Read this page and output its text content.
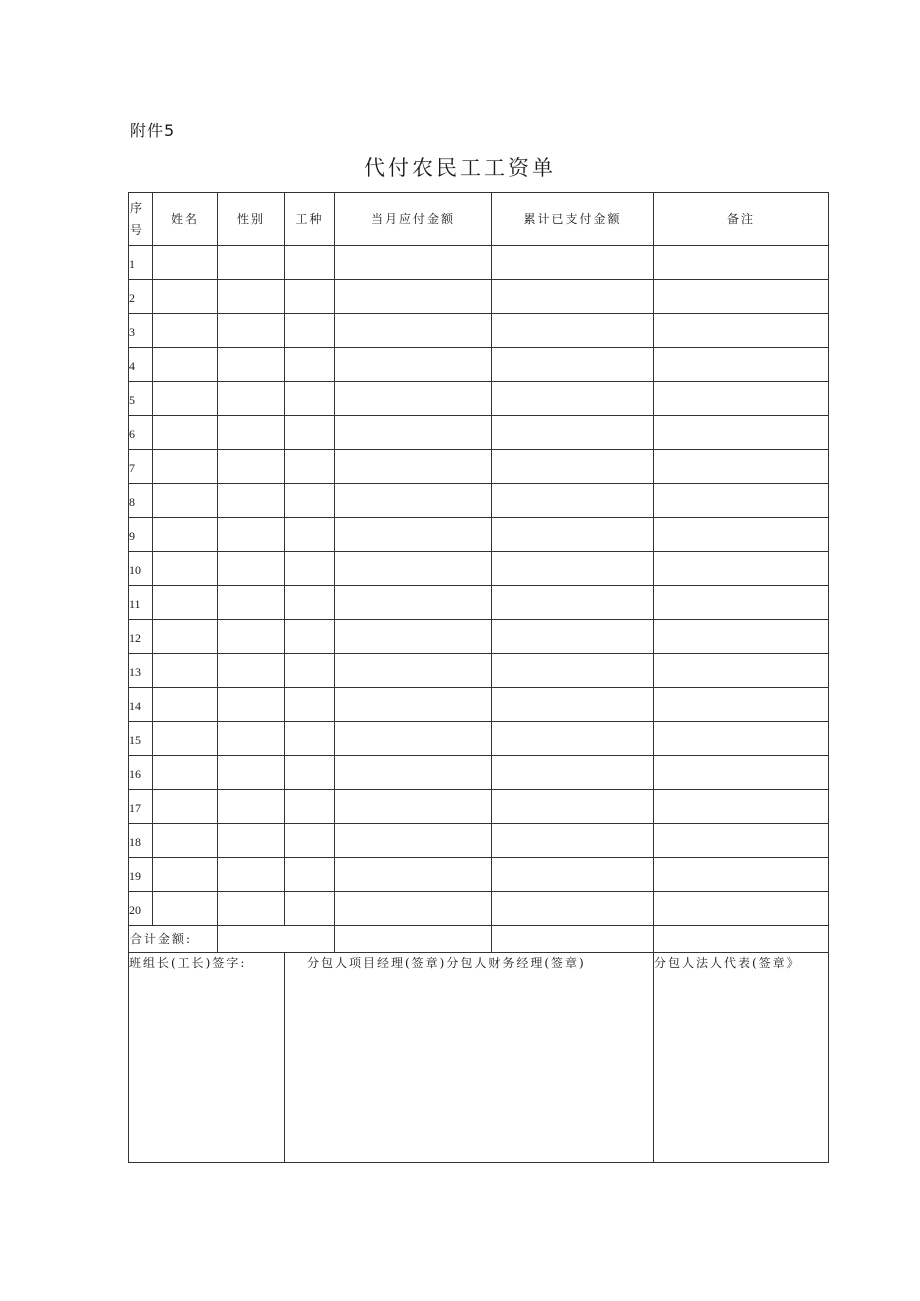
附件5
代付农民工工资单
序
号	姓名	性别	工种	当月应付金额	累计已支付金额	备注
1						
2						
3						
4						
5						
6						
7						
8						
9						
10						
11						
12						
13						
14						
15						
16						
17						
18						
19						
20						
合计金额:						
班组长(工长)签字:			分包人项目经理(签章)分包人财务经理(签章)			分包人法人代表(签章》
